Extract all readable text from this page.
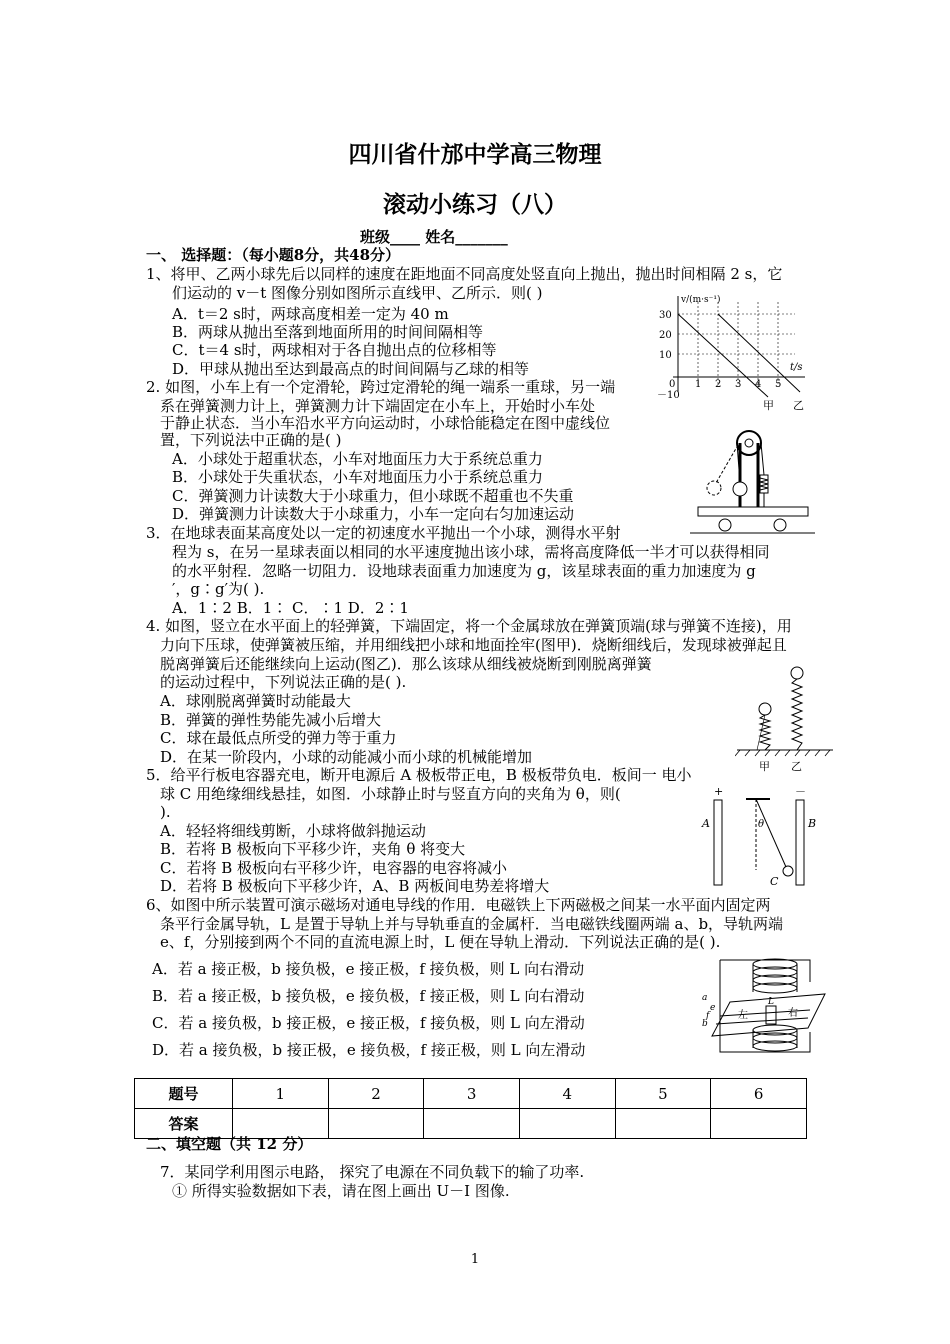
四川省什邡中学高三物理
滚动小练习（八）
班级____ 姓名_______
一、 选择题：（每小题8分，共48分）
1、将甲、乙两小球先后以同样的速度在距地面不同高度处竖直向上抛出，抛出时间相隔 2 s，它
们运动的 v－t 图像分别如图所示直线甲、乙所示．则( )
A．t＝2 s时，两球高度相差一定为 40 m
B．两球从抛出至落到地面所用的时间间隔相等
C．t＝4 s时，两球相对于各自抛出点的位移相等
D．甲球从抛出至达到最高点的时间间隔与乙球的相等
v/(m·s⁻¹)
t/s
30
20
10
0
－10
1 2 3 4 5
甲 乙
2. 如图，小车上有一个定滑轮，跨过定滑轮的绳一端系一重球，另一端
系在弹簧测力计上，弹簧测力计下端固定在小车上，开始时小车处
于静止状态．当小车沿水平方向运动时，小球恰能稳定在图中虚线位
置，下列说法中正确的是( )
A．小球处于超重状态，小车对地面压力大于系统总重力
B．小球处于失重状态，小车对地面压力小于系统总重力
C．弹簧测力计读数大于小球重力，但小球既不超重也不失重
D．弹簧测力计读数大于小球重力，小车一定向右匀加速运动
3．在地球表面某高度处以一定的初速度水平抛出一个小球，测得水平射
程为 s，在另一星球表面以相同的水平速度抛出该小球，需将高度降低一半才可以获得相同
的水平射程．忽略一切阻力．设地球表面重力加速度为 g，该星球表面的重力加速度为 g
′，g∶g′为( ).
A．1∶2 B．1∶ C．∶1 D．2∶1
4. 如图，竖立在水平面上的轻弹簧，下端固定，将一个金属球放在弹簧顶端(球与弹簧不连接)，用
力向下压球，使弹簧被压缩，并用细线把小球和地面拴牢(图甲)．烧断细线后，发现球被弹起且
脱离弹簧后还能继续向上运动(图乙)．那么该球从细线被烧断到刚脱离弹簧
的运动过程中，下列说法正确的是( ).
A．球刚脱离弹簧时动能最大
B．弹簧的弹性势能先减小后增大
C．球在最低点所受的弹力等于重力
D．在某一阶段内，小球的动能减小而小球的机械能增加
甲 乙
5．给平行板电容器充电，断开电源后 A 极板带正电，B 极板带负电．板间一 电小
球 C 用绝缘细线悬挂，如图．小球静止时与竖直方向的夹角为 θ，则(
).
A．轻轻将细线剪断，小球将做斜抛运动
B．若将 B 极板向下平移少许，夹角 θ 将变大
C．若将 B 极板向右平移少许，电容器的电容将减小
D．若将 B 极板向下平移少许，A、B 两板间电势差将增大
+	－
A	B
θ
C
6、如图中所示装置可演示磁场对通电导线的作用．电磁铁上下两磁极之间某一水平面内固定两
条平行金属导轨，L 是置于导轨上并与导轨垂直的金属杆．当电磁铁线圈两端 a、b，导轨两端
e、f，分别接到两个不同的直流电源上时，L 便在导轨上滑动．下列说法正确的是( ).
A．若 a 接正极，b 接负极，e 接正极，f 接负极，则 L 向右滑动
B．若 a 接正极，b 接负极，e 接负极，f 接正极，则 L 向右滑动
C．若 a 接负极，b 接正极，e 接正极，f 接负极，则 L 向左滑动
D．若 a 接负极，b 接正极，e 接负极，f 接正极，则 L 向左滑动
a
b
e
f	左	右
L
题号	1	2	3	4	5	6
答案						
二、填空题（共 12 分）
7．某同学利用图示电路， 探究了电源在不同负载下的输了功率.
① 所得实验数据如下表，请在图上画出 U－I 图像.
1
